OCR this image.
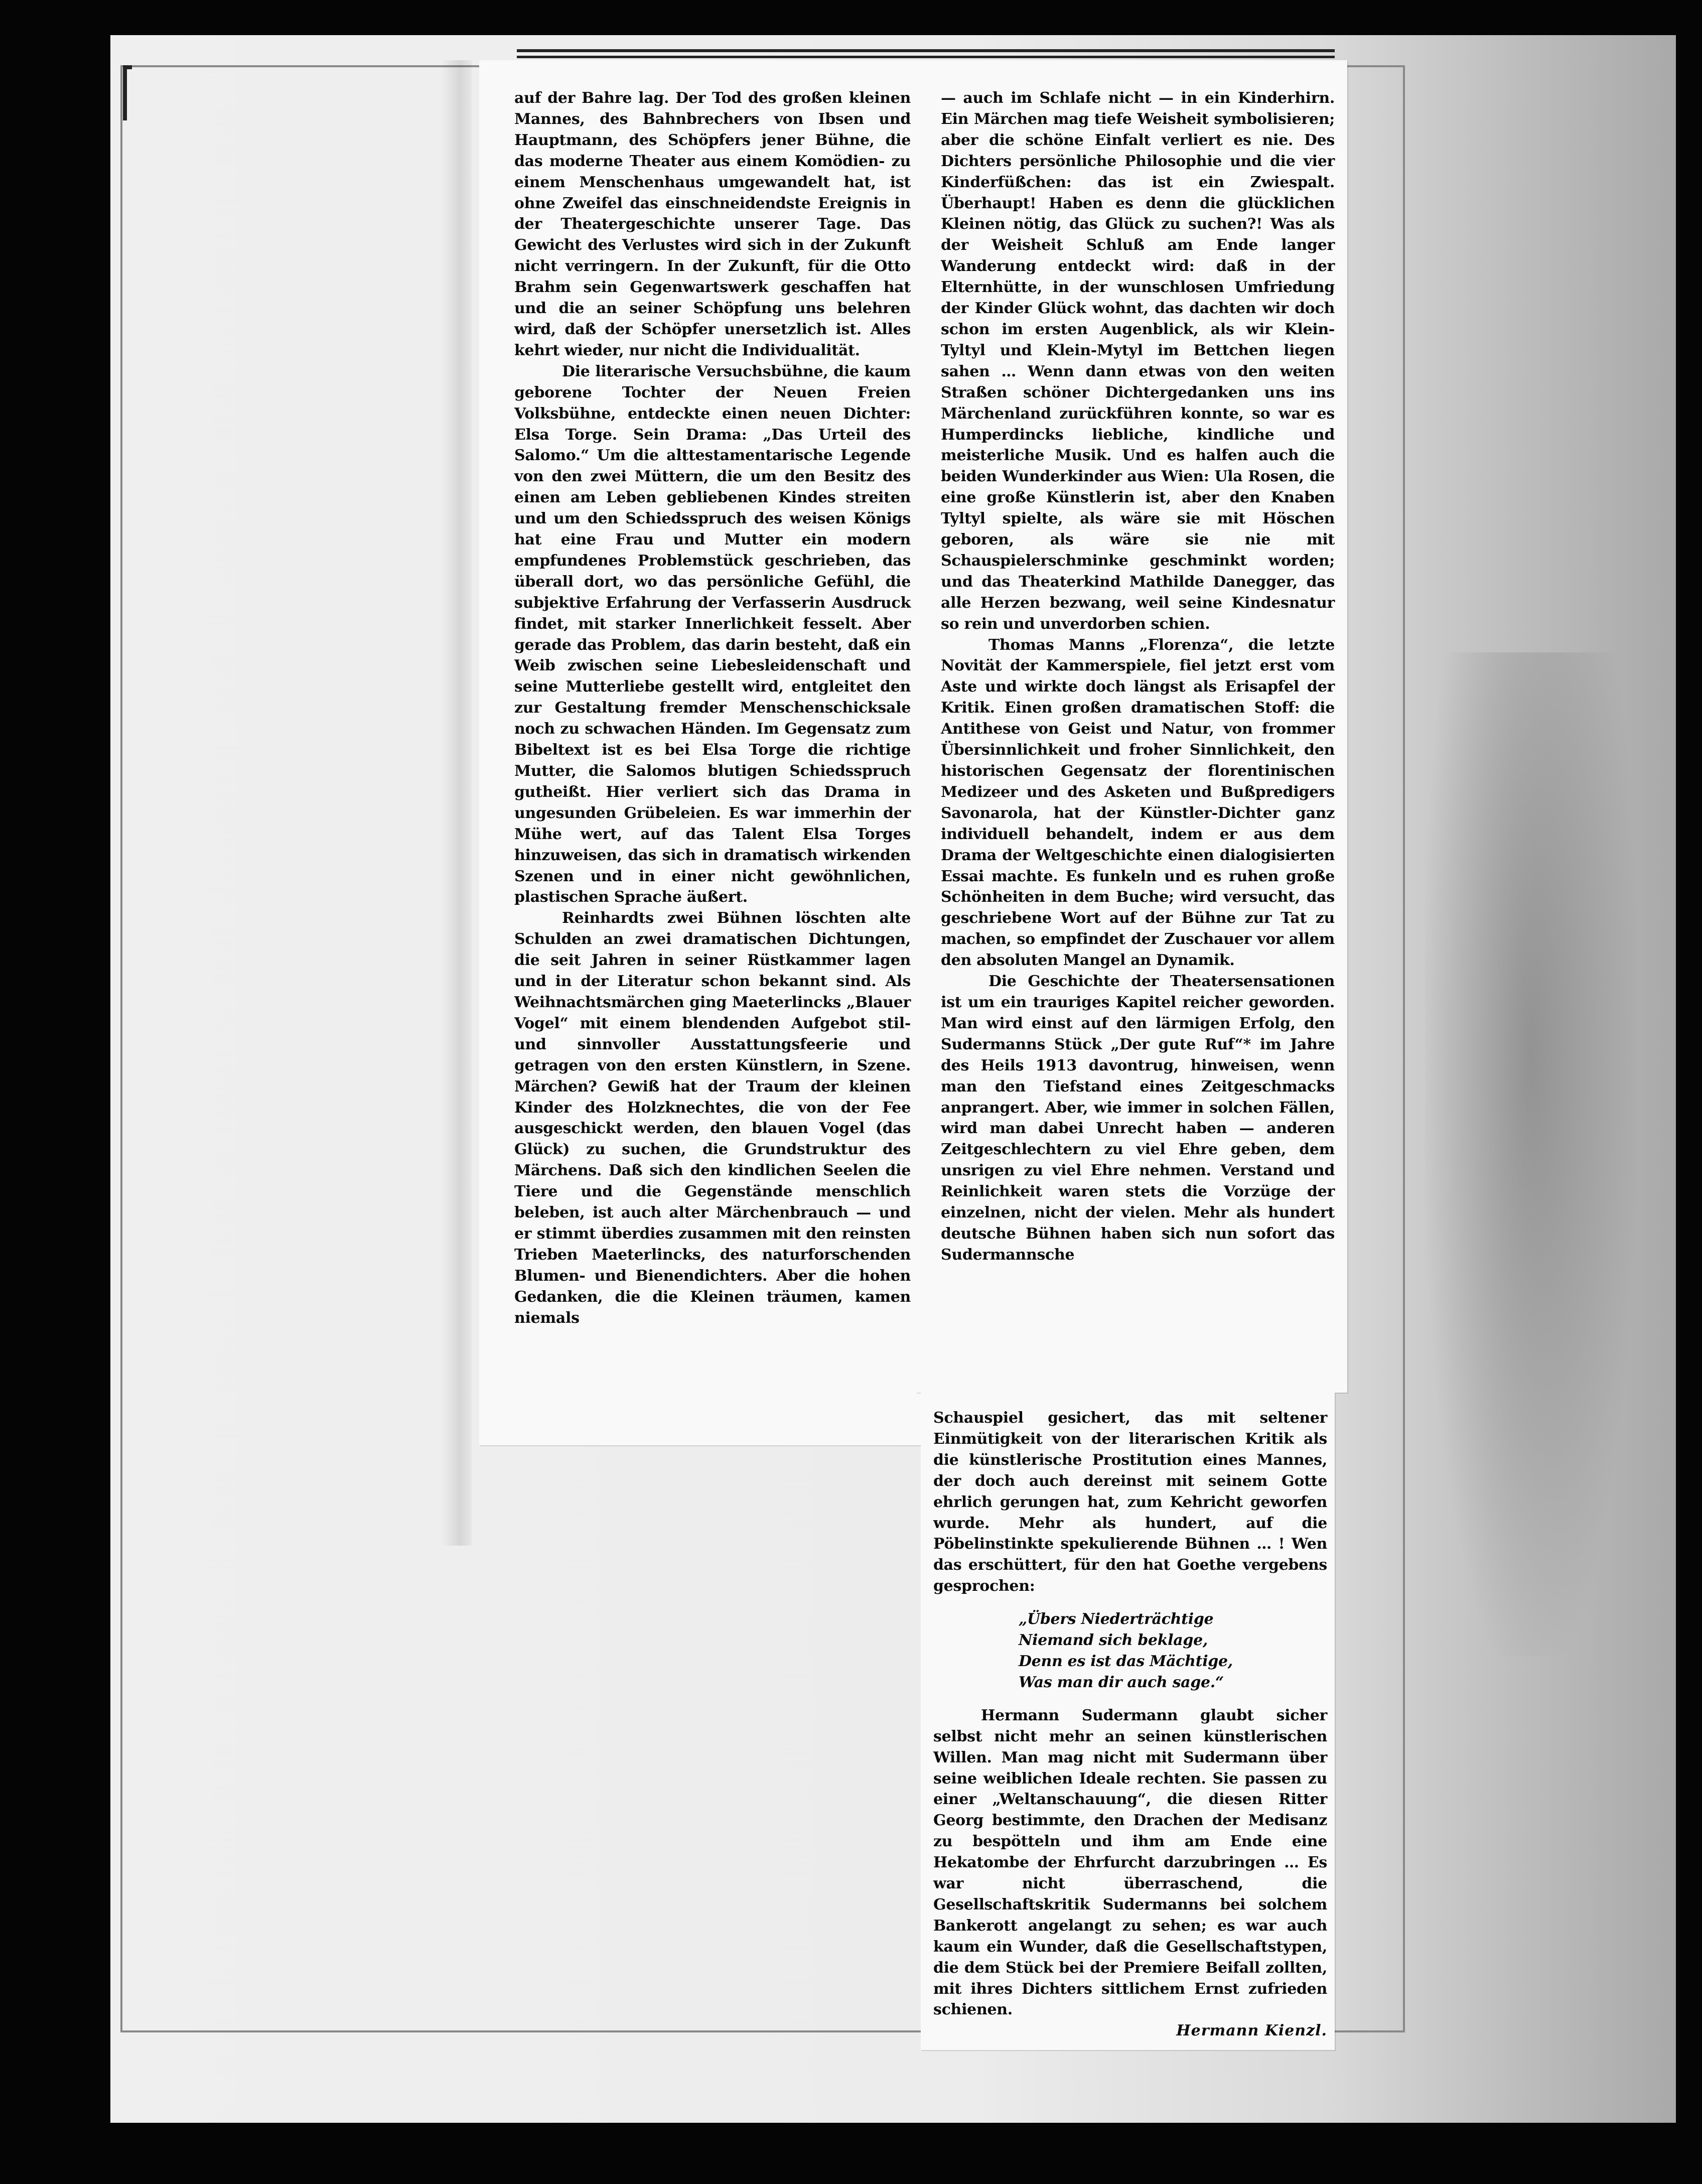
auf der Bahre lag. Der Tod des großen kleinen Mannes, des Bahnbrechers von Ibsen und Hauptmann, des Schöpfers jener Bühne, die das moderne Theater aus einem Komödien- zu einem Menschenhaus umgewandelt hat, ist ohne Zweifel das einschneidendste Ereignis in der Theatergeschichte unserer Tage. Das Gewicht des Verlustes wird sich in der Zukunft nicht verringern. In der Zukunft, für die Otto Brahm sein Gegenwartswerk geschaffen hat und die an seiner Schöpfung uns belehren wird, daß der Schöpfer unersetzlich ist. Alles kehrt wieder, nur nicht die Individualität.

Die literarische Versuchsbühne, die kaum geborene Tochter der Neuen Freien Volksbühne, entdeckte einen neuen Dichter: Elsa Torge. Sein Drama: „Das Urteil des Salomo.“ Um die alttestamentarische Legende von den zwei Müttern, die um den Besitz des einen am Leben gebliebenen Kindes streiten und um den Schiedsspruch des weisen Königs hat eine Frau und Mutter ein modern empfundenes Problemstück geschrieben, das überall dort, wo das persönliche Gefühl, die subjektive Erfahrung der Verfasserin Ausdruck findet, mit starker Innerlichkeit fesselt. Aber gerade das Problem, das darin besteht, daß ein Weib zwischen seine Liebesleidenschaft und seine Mutterliebe gestellt wird, entgleitet den zur Gestaltung fremder Menschenschicksale noch zu schwachen Händen. Im Gegensatz zum Bibeltext ist es bei Elsa Torge die richtige Mutter, die Salomos blutigen Schiedsspruch gutheißt. Hier verliert sich das Drama in ungesunden Grübeleien. Es war immerhin der Mühe wert, auf das Talent Elsa Torges hinzuweisen, das sich in dramatisch wirkenden Szenen und in einer nicht gewöhnlichen, plastischen Sprache äußert.

Reinhardts zwei Bühnen löschten alte Schulden an zwei dramatischen Dichtungen, die seit Jahren in seiner Rüstkammer lagen und in der Literatur schon bekannt sind. Als Weihnachtsmärchen ging Maeterlincks „Blauer Vogel“ mit einem blendenden Aufgebot stil- und sinnvoller Ausstattungsfeerie und getragen von den ersten Künstlern, in Szene. Märchen? Gewiß hat der Traum der kleinen Kinder des Holzknechtes, die von der Fee ausgeschickt werden, den blauen Vogel (das Glück) zu suchen, die Grundstruktur des Märchens. Daß sich den kindlichen Seelen die Tiere und die Gegenstände menschlich beleben, ist auch alter Märchenbrauch — und er stimmt überdies zusammen mit den reinsten Trieben Maeterlincks, des naturforschenden Blumen- und Bienendichters. Aber die hohen Gedanken, die die Kleinen träumen, kamen niemals

— auch im Schlafe nicht — in ein Kinderhirn. Ein Märchen mag tiefe Weisheit symbolisieren; aber die schöne Einfalt verliert es nie. Des Dichters persönliche Philosophie und die vier Kinderfüßchen: das ist ein Zwiespalt. Überhaupt! Haben es denn die glücklichen Kleinen nötig, das Glück zu suchen?! Was als der Weisheit Schluß am Ende langer Wanderung entdeckt wird: daß in der Elternhütte, in der wunschlosen Umfriedung der Kinder Glück wohnt, das dachten wir doch schon im ersten Augenblick, als wir Klein-Tyltyl und Klein-Mytyl im Bettchen liegen sahen … Wenn dann etwas von den weiten Straßen schöner Dichtergedanken uns ins Märchenland zurückführen konnte, so war es Humperdincks liebliche, kindliche und meisterliche Musik. Und es halfen auch die beiden Wunderkinder aus Wien: Ula Rosen, die eine große Künstlerin ist, aber den Knaben Tyltyl spielte, als wäre sie mit Höschen geboren, als wäre sie nie mit Schauspielerschminke geschminkt worden; und das Theaterkind Mathilde Danegger, das alle Herzen bezwang, weil seine Kindesnatur so rein und unverdorben schien.

Thomas Manns „Florenza“, die letzte Novität der Kammerspiele, fiel jetzt erst vom Aste und wirkte doch längst als Erisapfel der Kritik. Einen großen dramatischen Stoff: die Antithese von Geist und Natur, von frommer Übersinnlichkeit und froher Sinnlichkeit, den historischen Gegensatz der florentinischen Medizeer und des Asketen und Bußpredigers Savonarola, hat der Künstler-Dichter ganz individuell behandelt, indem er aus dem Drama der Weltgeschichte einen dialogisierten Essai machte. Es funkeln und es ruhen große Schönheiten in dem Buche; wird versucht, das geschriebene Wort auf der Bühne zur Tat zu machen, so empfindet der Zuschauer vor allem den absoluten Mangel an Dynamik.

Die Geschichte der Theatersensationen ist um ein trauriges Kapitel reicher geworden. Man wird einst auf den lärmigen Erfolg, den Sudermanns Stück „Der gute Ruf“* im Jahre des Heils 1913 davontrug, hinweisen, wenn man den Tiefstand eines Zeitgeschmacks anprangert. Aber, wie immer in solchen Fällen, wird man dabei Unrecht haben — anderen Zeitgeschlechtern zu viel Ehre geben, dem unsrigen zu viel Ehre nehmen. Verstand und Reinlichkeit waren stets die Vorzüge der einzelnen, nicht der vielen. Mehr als hundert deutsche Bühnen haben sich nun sofort das Sudermannsche

Schauspiel gesichert, das mit seltener Einmütigkeit von der literarischen Kritik als die künstlerische Prostitution eines Mannes, der doch auch dereinst mit seinem Gotte ehrlich gerungen hat, zum Kehricht geworfen wurde. Mehr als hundert, auf die Pöbelinstinkte spekulierende Bühnen … ! Wen das erschüttert, für den hat Goethe vergebens gesprochen:

„Übers Niederträchtige
Niemand sich beklage,
Denn es ist das Mächtige,
Was man dir auch sage.“

Hermann Sudermann glaubt sicher selbst nicht mehr an seinen künstlerischen Willen. Man mag nicht mit Sudermann über seine weiblichen Ideale rechten. Sie passen zu einer „Weltanschauung“, die diesen Ritter Georg bestimmte, den Drachen der Medisanz zu bespötteln und ihm am Ende eine Hekatombe der Ehrfurcht darzubringen … Es war nicht überraschend, die Gesellschaftskritik Sudermanns bei solchem Bankerott angelangt zu sehen; es war auch kaum ein Wunder, daß die Gesellschaftstypen, die dem Stück bei der Premiere Beifall zollten, mit ihres Dichters sittlichem Ernst zufrieden schienen.

Hermann Kienzl.
